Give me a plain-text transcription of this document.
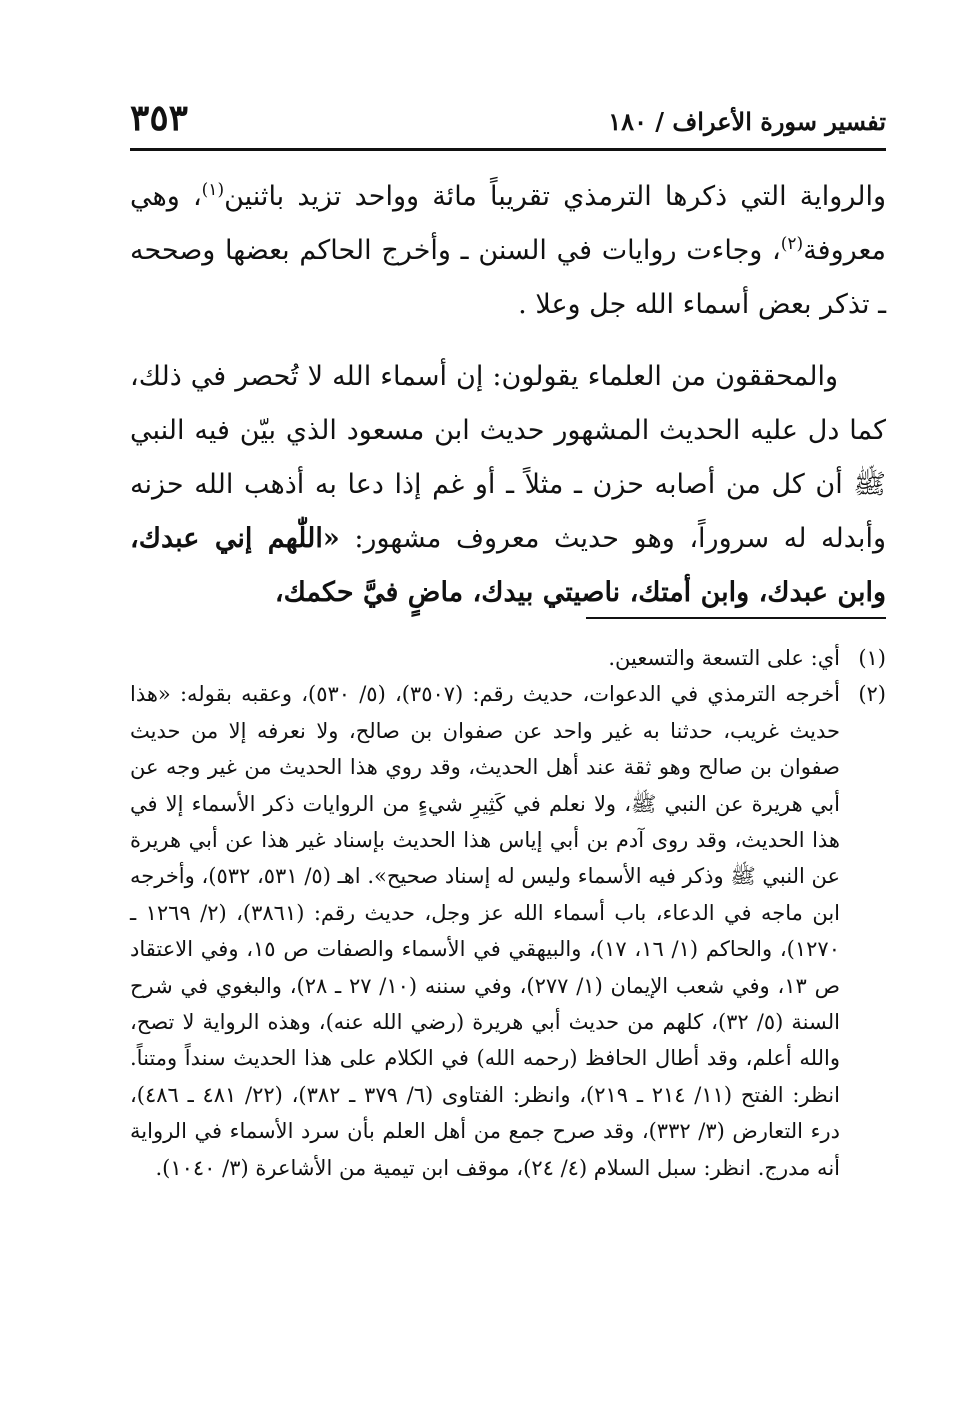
٣٥٣	تفسير سورة الأعراف / ١٨٠

والرواية التي ذكرها الترمذي تقريباً مائة وواحد تزيد باثنين$^{(١)}$، وهي معروفة$^{(٢)}$، وجاءت روايات في السنن ـ وأخرج الحاكم بعضها وصححه ـ تذكر بعض أسماء الله جل وعلا .

والمحققون من العلماء يقولون: إن أسماء الله لا تُحصر في ذلك، كما دل عليه الحديث المشهور حديث ابن مسعود الذي بيّن فيه النبي ﷺ أن كل من أصابه حزن ـ مثلاً ـ أو غم إذا دعا به أذهب الله حزنه وأبدله له سروراً، وهو حديث معروف مشهور: «اللّٰهم إني عبدك، وابن عبدك، وابن أمتك، ناصيتي بيدك، ماضٍ فيَّ حكمك،

(١)
أي: على التسعة والتسعين.
(٢)
أخرجه الترمذي في الدعوات، حديث رقم: (٣٥٠٧)، (٥/ ٥٣٠)، وعقبه بقوله: «هذا حديث غريب، حدثنا به غير واحد عن صفوان بن صالح، ولا نعرفه إلا من حديث صفوان بن صالح وهو ثقة عند أهل الحديث، وقد روي هذا الحديث من غير وجه عن أبي هريرة عن النبي ﷺ، ولا نعلم في كَثِيرِ شيءٍ من الروايات ذكر الأسماء إلا في هذا الحديث، وقد روى آدم بن أبي إياس هذا الحديث بإسناد غير هذا عن أبي هريرة عن النبي ﷺ وذكر فيه الأسماء وليس له إسناد صحيح». اهـ (٥/ ٥٣١، ٥٣٢)، وأخرجه ابن ماجه في الدعاء، باب أسماء الله عز وجل، حديث رقم: (٣٨٦١)، (٢/ ١٢٦٩ ـ ١٢٧٠)، والحاكم (١/ ١٦، ١٧)، والبيهقي في الأسماء والصفات ص ١٥، وفي الاعتقاد ص ١٣، وفي شعب الإيمان (١/ ٢٧٧)، وفي سننه (١٠/ ٢٧ ـ ٢٨)، والبغوي في شرح السنة (٥/ ٣٢)، كلهم من حديث أبي هريرة (رضي الله عنه)، وهذه الرواية لا تصح، والله أعلم، وقد أطال الحافظ (رحمه الله) في الكلام على هذا الحديث سنداً ومتناً. انظر: الفتح (١١/ ٢١٤ ـ ٢١٩)، وانظر: الفتاوى (٦/ ٣٧٩ ـ ٣٨٢)، (٢٢/ ٤٨١ ـ ٤٨٦)، درء التعارض (٣/ ٣٣٢)، وقد صرح جمع من أهل العلم بأن سرد الأسماء في الرواية أنه مدرج. انظر: سبل السلام (٤/ ٢٤)، موقف ابن تيمية من الأشاعرة (٣/ ١٠٤٠).
